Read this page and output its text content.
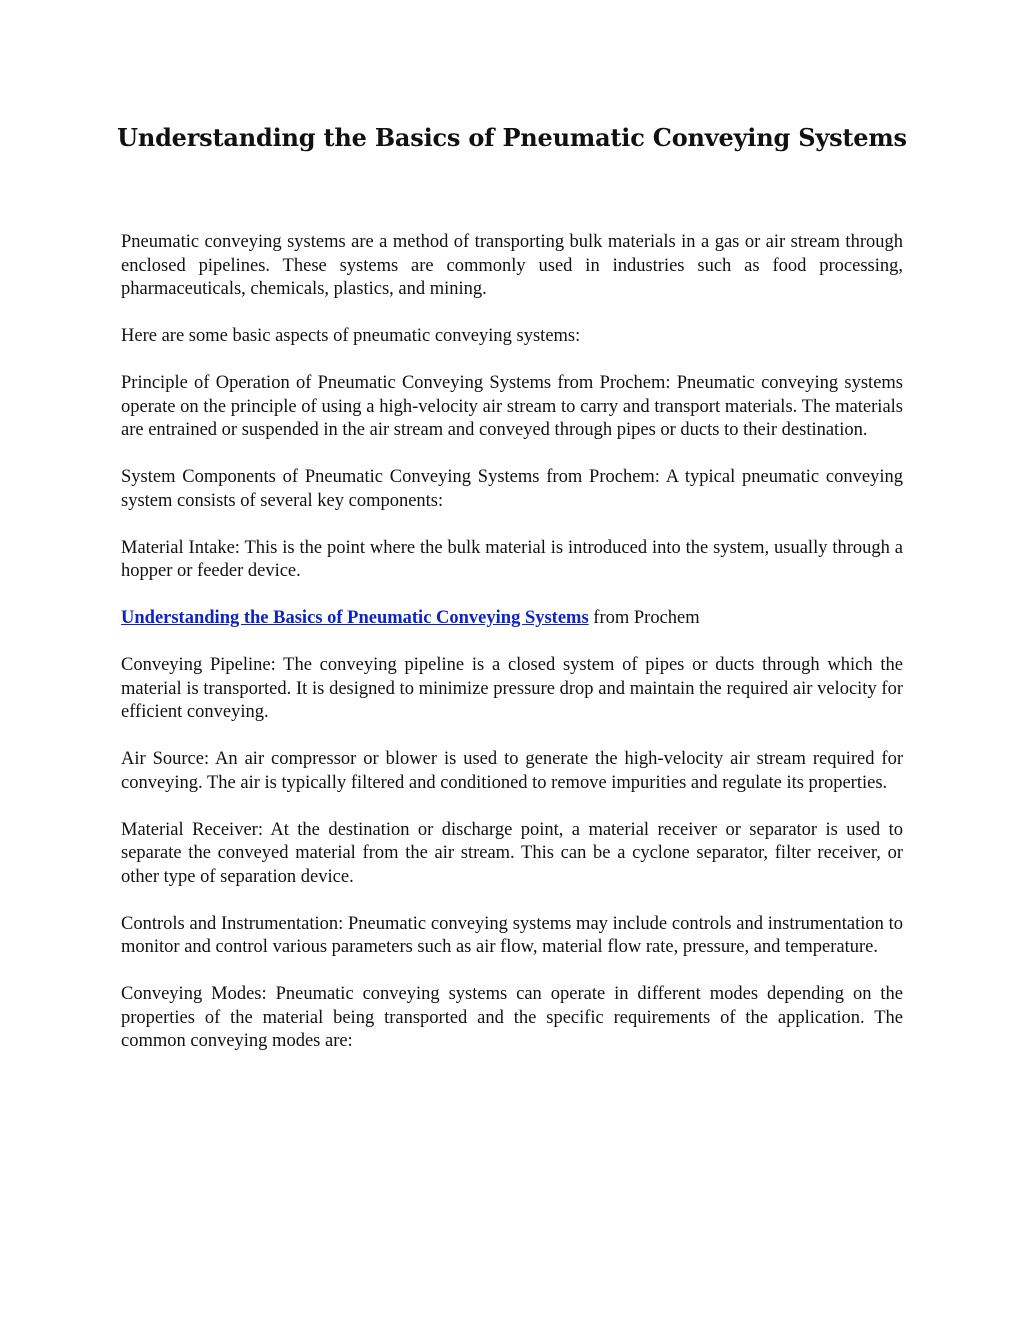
Understanding the Basics of Pneumatic Conveying Systems

Pneumatic conveying systems are a method of transporting bulk materials in a gas or air stream through enclosed pipelines. These systems are commonly used in industries such as food processing, pharmaceuticals, chemicals, plastics, and mining.

Here are some basic aspects of pneumatic conveying systems:

Principle of Operation of Pneumatic Conveying Systems from Prochem: Pneumatic conveying systems operate on the principle of using a high-velocity air stream to carry and transport materials. The materials are entrained or suspended in the air stream and conveyed through pipes or ducts to their destination.

System Components of Pneumatic Conveying Systems from Prochem: A typical pneumatic conveying system consists of several key components:

Material Intake: This is the point where the bulk material is introduced into the system, usually through a hopper or feeder device.

Understanding the Basics of Pneumatic Conveying Systems from Prochem

Conveying Pipeline: The conveying pipeline is a closed system of pipes or ducts through which the material is transported. It is designed to minimize pressure drop and maintain the required air velocity for efficient conveying.

Air Source: An air compressor or blower is used to generate the high-velocity air stream required for conveying. The air is typically filtered and conditioned to remove impurities and regulate its properties.

Material Receiver: At the destination or discharge point, a material receiver or separator is used to separate the conveyed material from the air stream. This can be a cyclone separator, filter receiver, or other type of separation device.

Controls and Instrumentation: Pneumatic conveying systems may include controls and instrumentation to monitor and control various parameters such as air flow, material flow rate, pressure, and temperature.

Conveying Modes: Pneumatic conveying systems can operate in different modes depending on the properties of the material being transported and the specific requirements of the application. The common conveying modes are:
